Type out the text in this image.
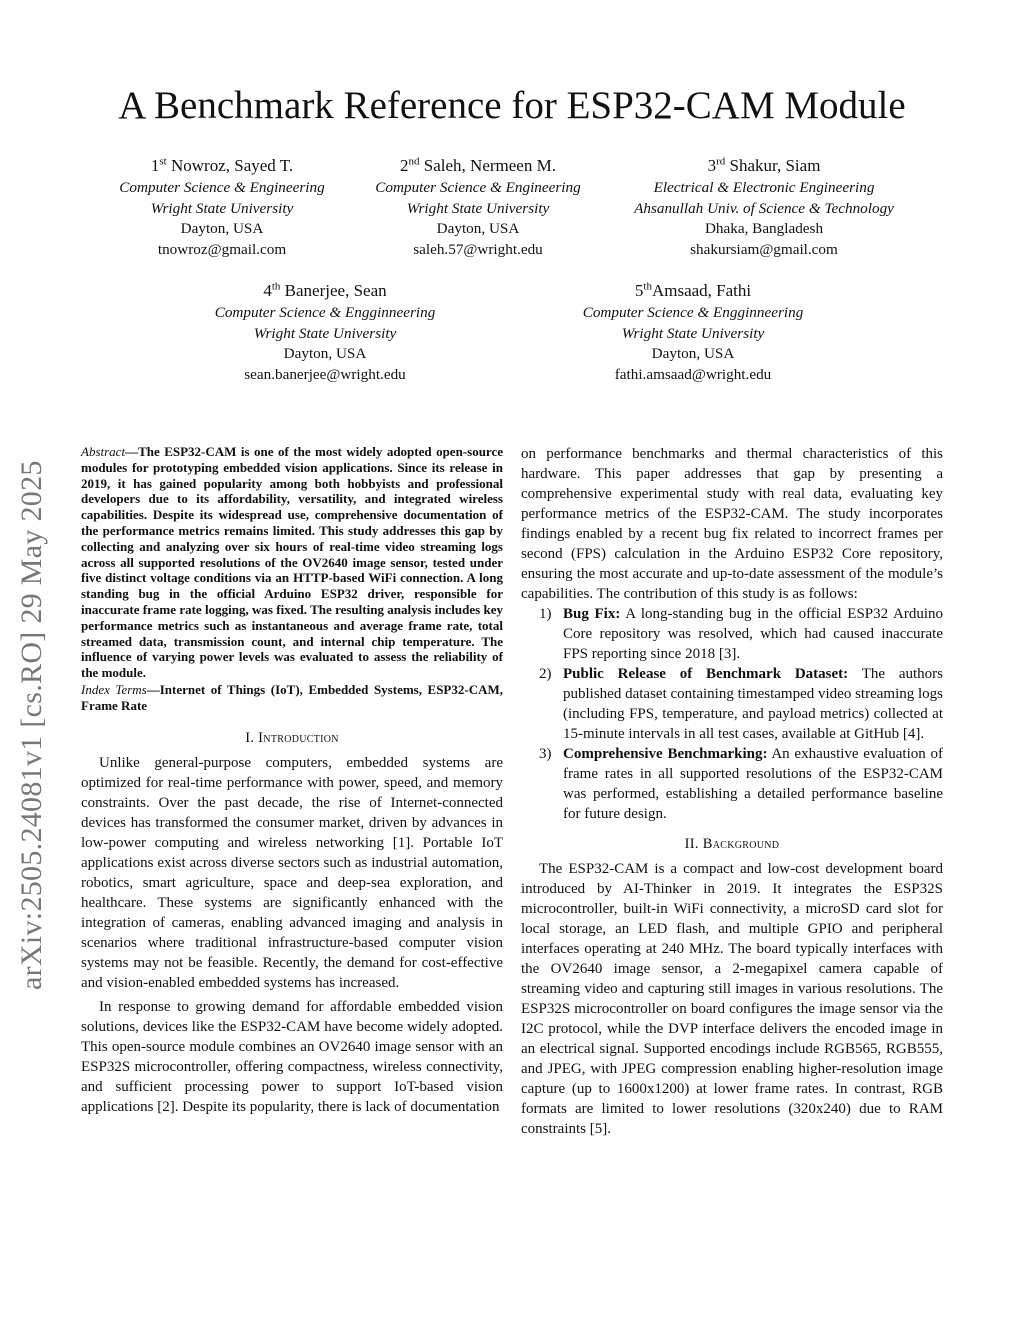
A Benchmark Reference for ESP32-CAM Module
1st Nowroz, Sayed T.
Computer Science & Engineering
Wright State University
Dayton, USA
tnowroz@gmail.com
2nd Saleh, Nermeen M.
Computer Science & Engineering
Wright State University
Dayton, USA
saleh.57@wright.edu
3rd Shakur, Siam
Electrical & Electronic Engineering
Ahsanullah Univ. of Science & Technology
Dhaka, Bangladesh
shakursiam@gmail.com
4th Banerjee, Sean
Computer Science & Engginneering
Wright State University
Dayton, USA
sean.banerjee@wright.edu
5thAmsaad, Fathi
Computer Science & Engginneering
Wright State University
Dayton, USA
fathi.amsaad@wright.edu
arXiv:2505.24081v1 [cs.RO] 29 May 2025

Abstract—The ESP32-CAM is one of the most widely adopted open-source modules for prototyping embedded vision applications. Since its release in 2019, it has gained popularity among both hobbyists and professional developers due to its affordability, versatility, and integrated wireless capabilities. Despite its widespread use, comprehensive documentation of the performance metrics remains limited. This study addresses this gap by collecting and analyzing over six hours of real-time video streaming logs across all supported resolutions of the OV2640 image sensor, tested under five distinct voltage conditions via an HTTP-based WiFi connection. A long standing bug in the official Arduino ESP32 driver, responsible for inaccurate frame rate logging, was fixed. The resulting analysis includes key performance metrics such as instantaneous and average frame rate, total streamed data, transmission count, and internal chip temperature. The influence of varying power levels was evaluated to assess the reliability of the module.

Index Terms—Internet of Things (IoT), Embedded Systems, ESP32-CAM, Frame Rate

I. Introduction

Unlike general-purpose computers, embedded systems are optimized for real-time performance with power, speed, and memory constraints. Over the past decade, the rise of Internet-connected devices has transformed the consumer market, driven by advances in low-power computing and wireless networking [1]. Portable IoT applications exist across diverse sectors such as industrial automation, robotics, smart agriculture, space and deep-sea exploration, and healthcare. These systems are significantly enhanced with the integration of cameras, enabling advanced imaging and analysis in scenarios where traditional infrastructure-based computer vision systems may not be feasible. Recently, the demand for cost-effective and vision-enabled embedded systems has increased.

In response to growing demand for affordable embedded vision solutions, devices like the ESP32-CAM have become widely adopted. This open-source module combines an OV2640 image sensor with an ESP32S microcontroller, offering compactness, wireless connectivity, and sufficient processing power to support IoT-based vision applications [2]. Despite its popularity, there is lack of documentation

on performance benchmarks and thermal characteristics of this hardware. This paper addresses that gap by presenting a comprehensive experimental study with real data, evaluating key performance metrics of the ESP32-CAM. The study incorporates findings enabled by a recent bug fix related to incorrect frames per second (FPS) calculation in the Arduino ESP32 Core repository, ensuring the most accurate and up-to-date assessment of the module’s capabilities. The contribution of this study is as follows:

1) Bug Fix: A long-standing bug in the official ESP32 Arduino Core repository was resolved, which had caused inaccurate FPS reporting since 2018 [3].
2) Public Release of Benchmark Dataset: The authors published dataset containing timestamped video streaming logs (including FPS, temperature, and payload metrics) collected at 15-minute intervals in all test cases, available at GitHub [4].
3) Comprehensive Benchmarking: An exhaustive evaluation of frame rates in all supported resolutions of the ESP32-CAM was performed, establishing a detailed performance baseline for future design.
II. Background

The ESP32-CAM is a compact and low-cost development board introduced by AI-Thinker in 2019. It integrates the ESP32S microcontroller, built-in WiFi connectivity, a microSD card slot for local storage, an LED flash, and multiple GPIO and peripheral interfaces operating at 240 MHz. The board typically interfaces with the OV2640 image sensor, a 2-megapixel camera capable of streaming video and capturing still images in various resolutions. The ESP32S microcontroller on board configures the image sensor via the I2C protocol, while the DVP interface delivers the encoded image in an electrical signal. Supported encodings include RGB565, RGB555, and JPEG, with JPEG compression enabling higher-resolution image capture (up to 1600x1200) at lower frame rates. In contrast, RGB formats are limited to lower resolutions (320x240) due to RAM constraints [5].
